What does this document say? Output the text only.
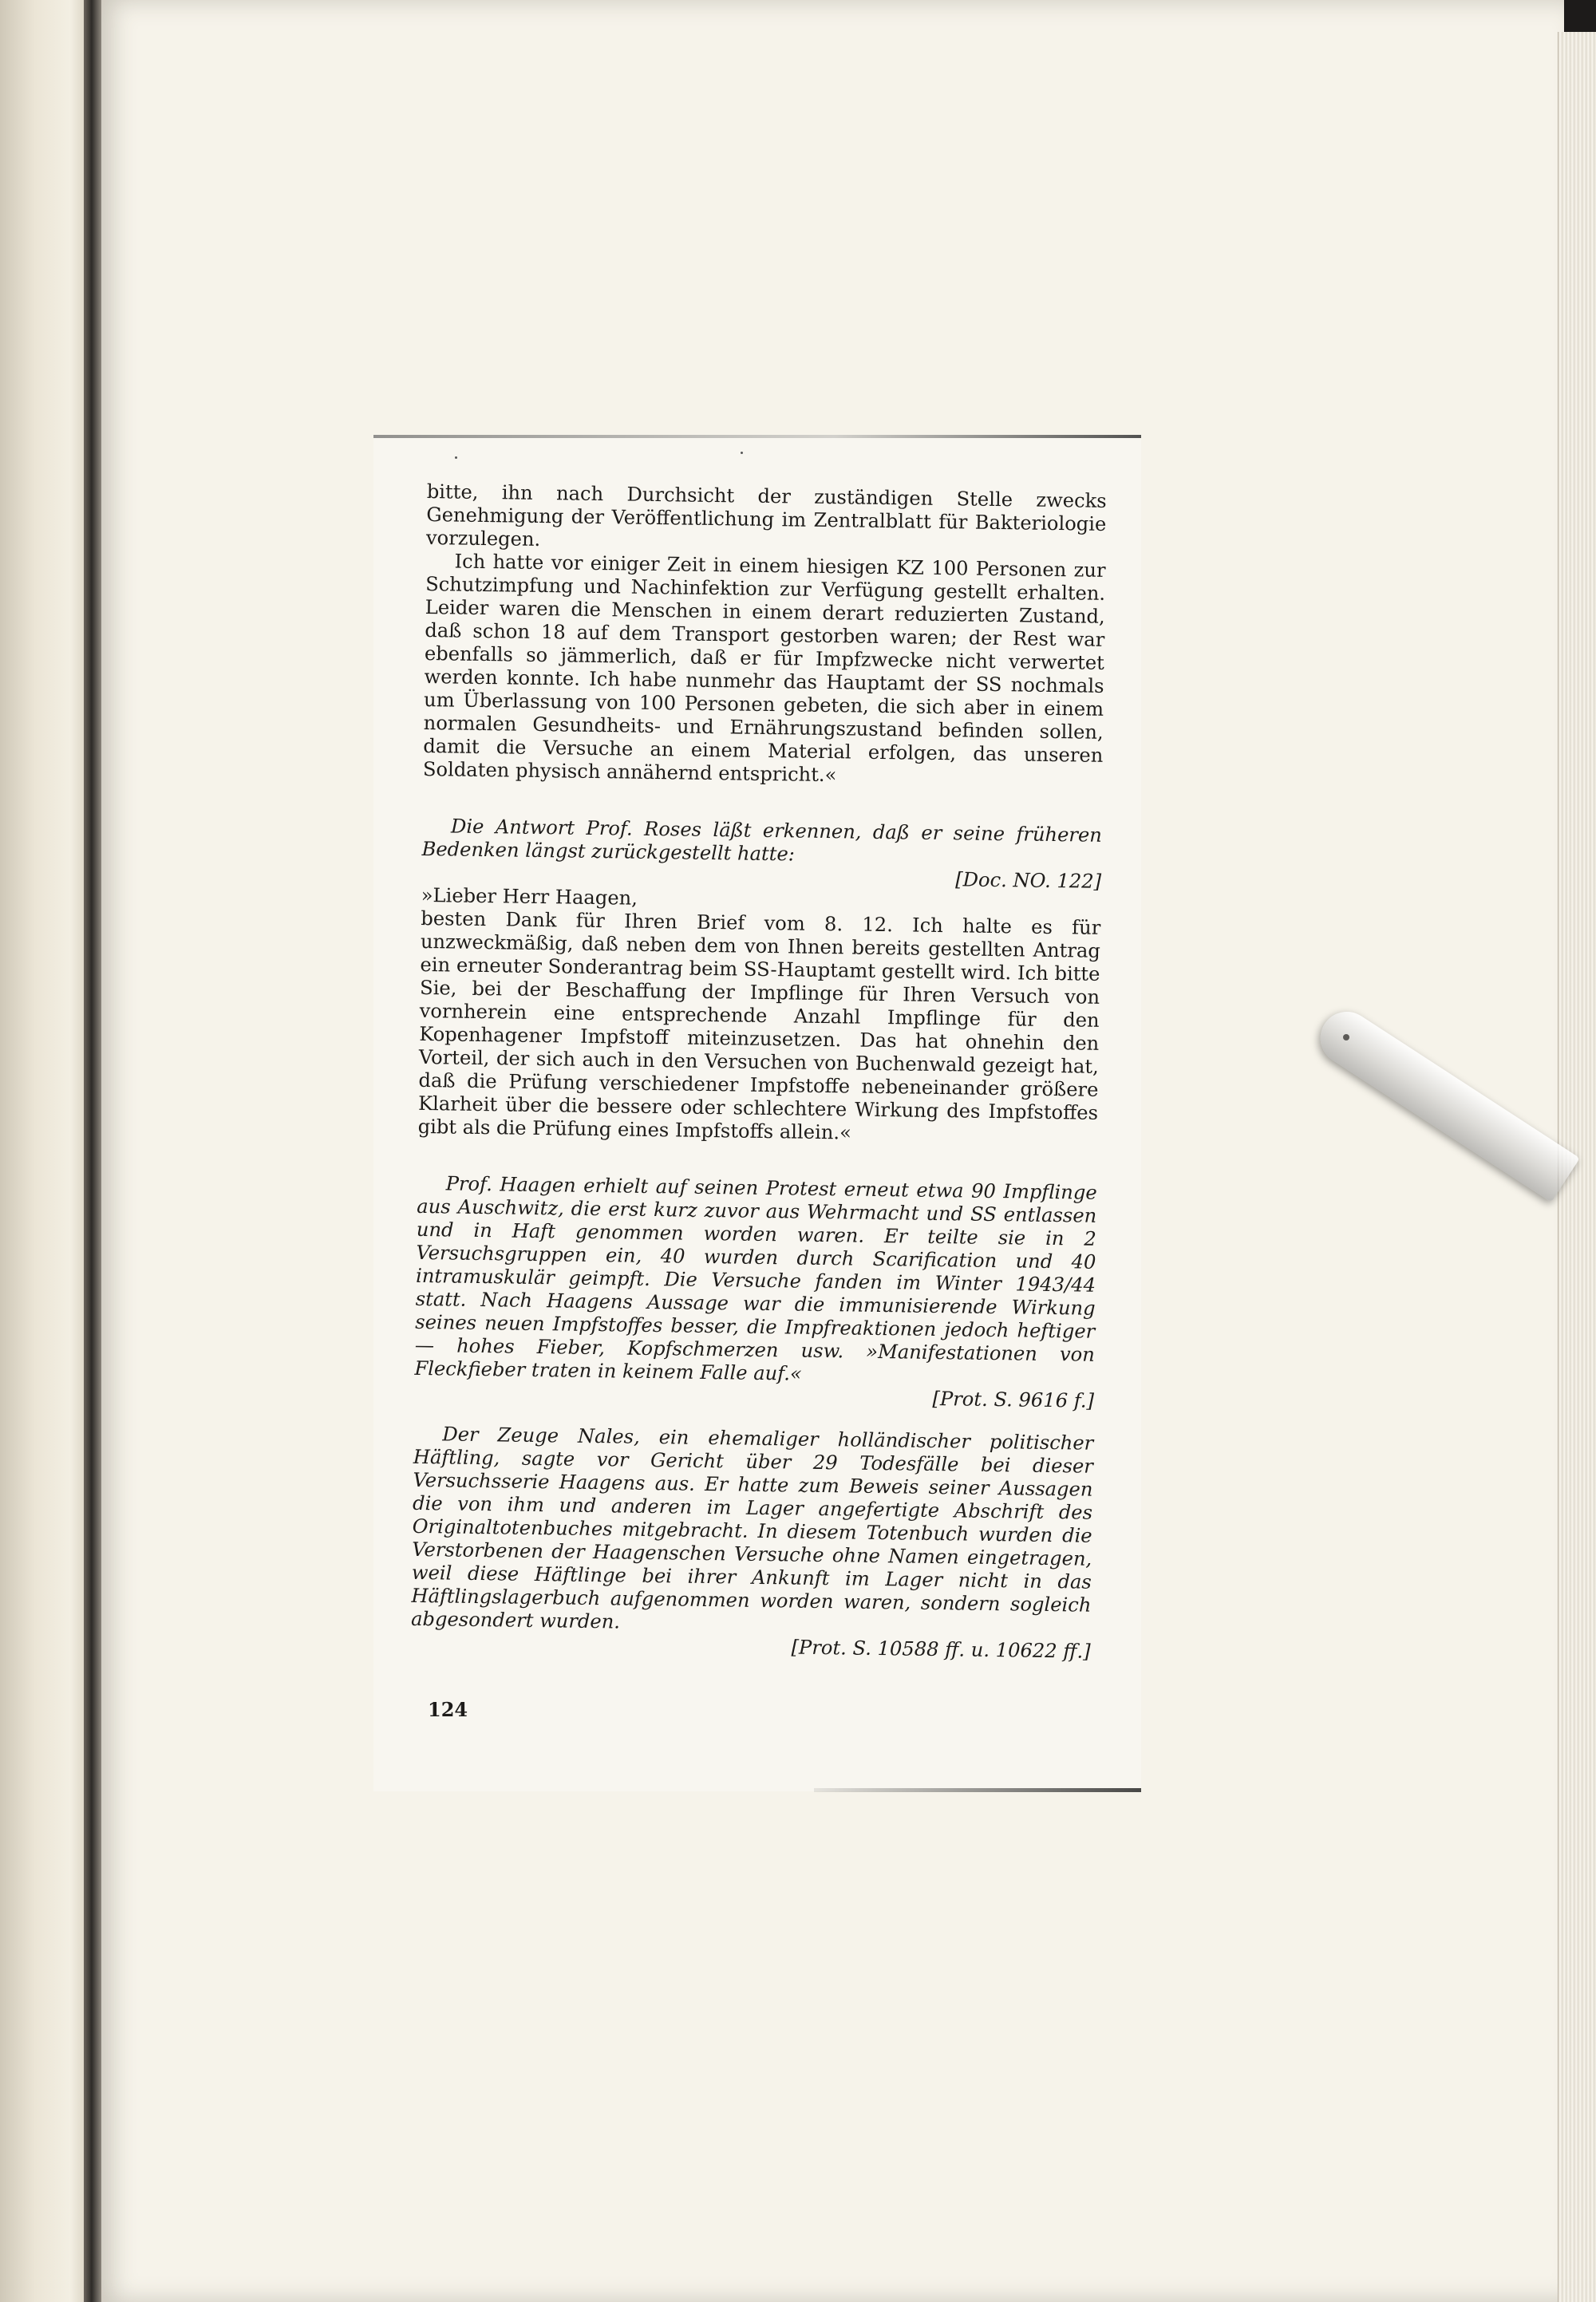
bitte, ihn nach Durchsicht der zuständigen Stelle zwecks Genehmigung der Veröffentlichung im Zentralblatt für Bakteriologie vorzulegen.

Ich hatte vor einiger Zeit in einem hiesigen KZ 100 Personen zur Schutzimpfung und Nachinfektion zur Verfügung gestellt erhalten. Leider waren die Menschen in einem derart reduzierten Zustand, daß schon 18 auf dem Transport gestorben waren; der Rest war ebenfalls so jämmerlich, daß er für Impfzwecke nicht verwertet werden konnte. Ich habe nunmehr das Hauptamt der SS nochmals um Überlassung von 100 Personen gebeten, die sich aber in einem normalen Gesundheits- und Ernährungszustand befinden sollen, damit die Versuche an einem Material erfolgen, das unseren Soldaten physisch annähernd entspricht.«

Die Antwort Prof. Roses läßt erkennen, daß er seine früheren Bedenken längst zurückgestellt hatte:

[Doc. NO. 122]

»Lieber Herr Haagen,

besten Dank für Ihren Brief vom 8. 12. Ich halte es für unzweckmäßig, daß neben dem von Ihnen bereits gestellten Antrag ein erneuter Sonderantrag beim SS-Hauptamt gestellt wird. Ich bitte Sie, bei der Beschaffung der Impflinge für Ihren Versuch von vornherein eine entsprechende Anzahl Impflinge für den Kopenhagener Impfstoff miteinzusetzen. Das hat ohnehin den Vorteil, der sich auch in den Versuchen von Buchenwald gezeigt hat, daß die Prüfung verschiedener Impfstoffe nebeneinander größere Klarheit über die bessere oder schlechtere Wirkung des Impfstoffes gibt als die Prüfung eines Impfstoffs allein.«

Prof. Haagen erhielt auf seinen Protest erneut etwa 90 Impflinge aus Auschwitz, die erst kurz zuvor aus Wehrmacht und SS entlassen und in Haft genommen worden waren. Er teilte sie in 2 Versuchsgruppen ein, 40 wurden durch Scarification und 40 intramuskulär geimpft. Die Versuche fanden im Winter 1943/44 statt. Nach Haagens Aussage war die immunisierende Wirkung seines neuen Impfstoffes besser, die Impfreaktionen jedoch heftiger — hohes Fieber, Kopfschmerzen usw. »Manifestationen von Fleckfieber traten in keinem Falle auf.«

[Prot. S. 9616 f.]

Der Zeuge Nales, ein ehemaliger holländischer politischer Häftling, sagte vor Gericht über 29 Todesfälle bei dieser Versuchsserie Haagens aus. Er hatte zum Beweis seiner Aussagen die von ihm und anderen im Lager angefertigte Abschrift des Originaltotenbuches mitgebracht. In diesem Totenbuch wurden die Verstorbenen der Haagenschen Versuche ohne Namen eingetragen, weil diese Häftlinge bei ihrer Ankunft im Lager nicht in das Häftlingslagerbuch aufgenommen worden waren, sondern sogleich abgesondert wurden.

[Prot. S. 10588 ff. u. 10622 ff.]

124
